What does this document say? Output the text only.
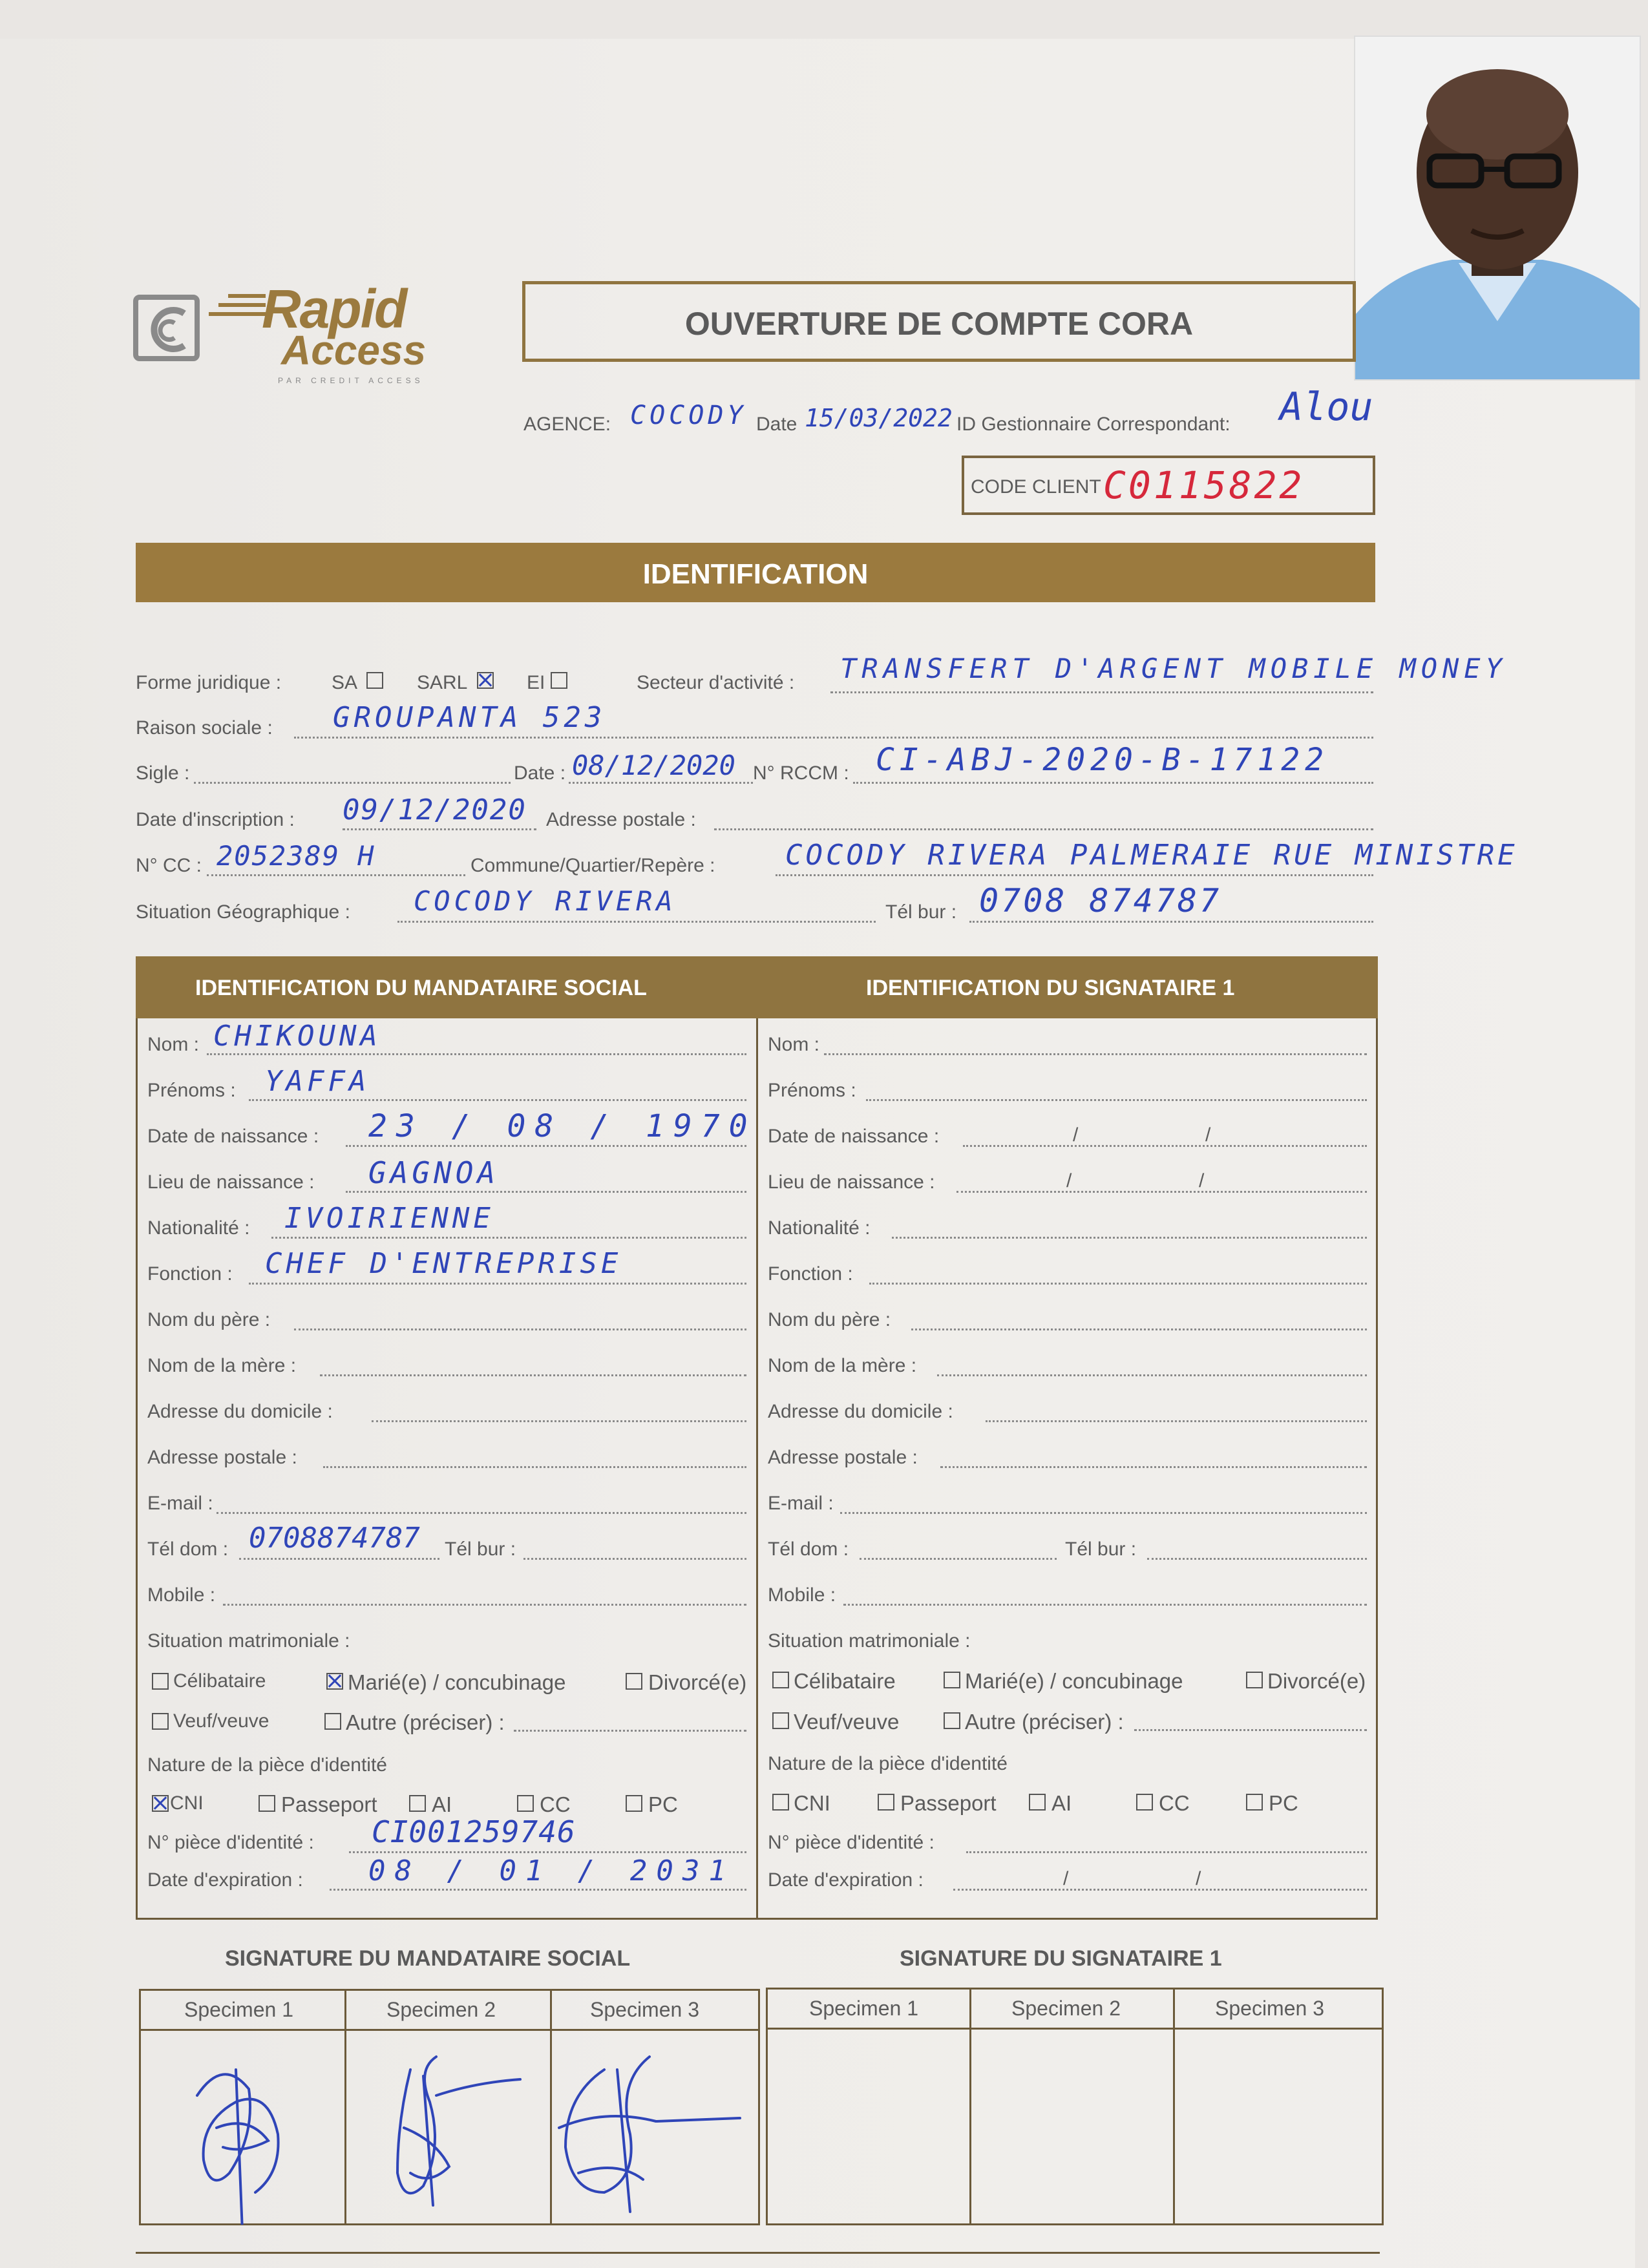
Rapid
Access
PAR CREDIT ACCESS
OUVERTURE DE COMPTE CORA
AGENCE: COCODY Date 15/03/2022 ID Gestionnaire Correspondant: Alou
CODE CLIENT C0115822
IDENTIFICATION
Forme juridique :	SA	SARL	EI	Secteur d'activité : TRANSFERT D'ARGENT MOBILE MONEY
Raison sociale : GROUPANTA 523
Sigle :	Date : 08/12/2020 N° RCCM : CI-ABJ-2020-B-17122
Date d'inscription : 09/12/2020 Adresse postale :
N° CC : 2052389 H	Commune/Quartier/Repère : COCODY RIVERA PALMERAIE RUE MINISTRE
Situation Géographique : COCODY RIVERA	Tél bur : 0708 874787
IDENTIFICATION DU MANDATAIRE SOCIAL	IDENTIFICATION DU SIGNATAIRE 1
Nom : CHIKOUNA
Prénoms : YAFFA
Date de naissance : 23 / 08 / 1970
Lieu de naissance : GAGNOA
Nationalité : IVOIRIENNE
Fonction : CHEF D'ENTREPRISE
Nom du père :
Nom de la mère :
Adresse du domicile :
Adresse postale :
E-mail :
Tél dom : 0708874787 Tél bur :
Mobile :
Situation matrimoniale :
Célibataire	Marié(e) / concubinage	Divorcé(e)
Veuf/veuve	Autre (préciser) :
Nature de la pièce d'identité
CNI	Passeport	AI	CC	PC
N° pièce d'identité : CI001259746
Date d'expiration : 08 / 01 / 2031
Nom :
Prénoms :
Date de naissance :	/	/
Lieu de naissance :	/	/
Nationalité :
Fonction :
Nom du père :
Nom de la mère :
Adresse du domicile :
Adresse postale :
E-mail :
Tél dom :	Tél bur :
Mobile :
Situation matrimoniale :
Célibataire	Marié(e) / concubinage	Divorcé(e)
Veuf/veuve	Autre (préciser) :
Nature de la pièce d'identité
CNI	Passeport	AI	CC	PC
N° pièce d'identité :
Date d'expiration :	/	/
SIGNATURE DU MANDATAIRE SOCIAL	SIGNATURE DU SIGNATAIRE 1
Specimen 1	Specimen 2	Specimen 3	Specimen 1	Specimen 2	Specimen 3
